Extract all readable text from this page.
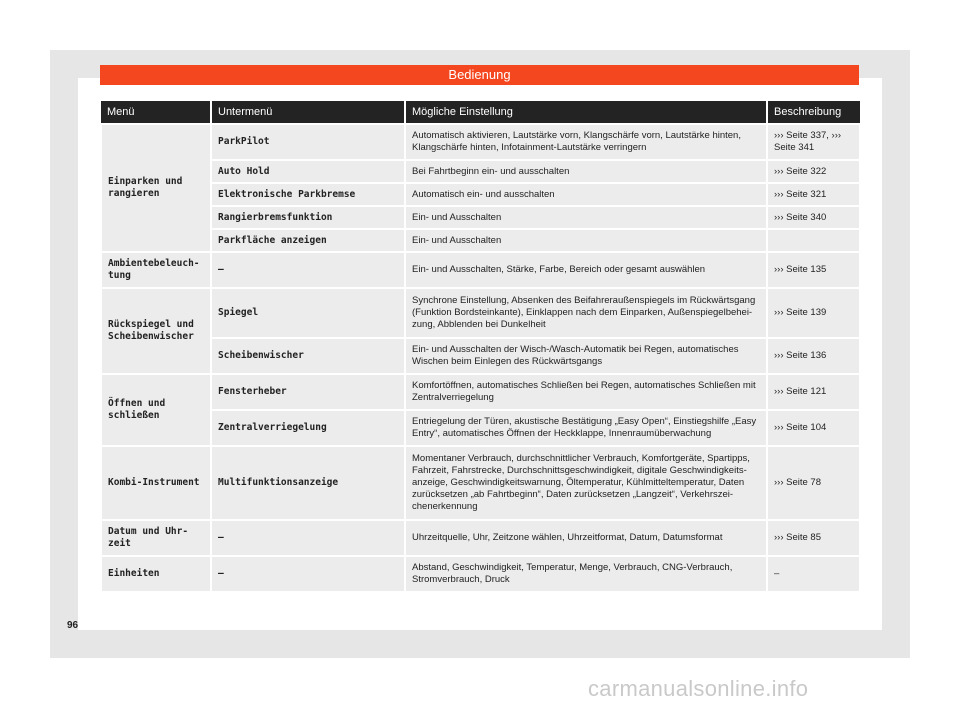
Bedienung
Menü	Untermenü	Mögliche Einstellung	Beschreibung
Einparken und rangieren	ParkPilot	Automatisch aktivieren, Lautstärke vorn, Klangschärfe vorn, Lautstärke hinten, Klangschärfe hinten, Infotainment-Lautstärke verringern	››› Seite 337, ››› Seite 341
	Auto Hold	Bei Fahrtbeginn ein- und ausschalten	››› Seite 322
	Elektronische Parkbremse	Automatisch ein- und ausschalten	››› Seite 321
	Rangierbremsfunktion	Ein- und Ausschalten	››› Seite 340
	Parkfläche anzeigen	Ein- und Ausschalten	
Ambientebeleuch-tung	–	Ein- und Ausschalten, Stärke, Farbe, Bereich oder gesamt auswählen	››› Seite 135
Rückspiegel und Scheibenwischer	Spiegel	Synchrone Einstellung, Absenken des Beifahreraußenspiegels im Rückwärtsgang (Funktion Bordsteinkante), Einklappen nach dem Einparken, Außenspiegelbehei-zung, Abblenden bei Dunkelheit	››› Seite 139
	Scheibenwischer	Ein- und Ausschalten der Wisch-/Wasch-Automatik bei Regen, automatisches Wischen beim Einlegen des Rückwärtsgangs	››› Seite 136
Öffnen und schließen	Fensterheber	Komfortöffnen, automatisches Schließen bei Regen, automatisches Schließen mit Zentralverriegelung	››› Seite 121
	Zentralverriegelung	Entriegelung der Türen, akustische Bestätigung „Easy Open“, Einstiegshilfe „Easy Entry“, automatisches Öffnen der Heckklappe, Innenraumüberwachung	››› Seite 104
Kombi-Instrument	Multifunktionsanzeige	Momentaner Verbrauch, durchschnittlicher Verbrauch, Komfortgeräte, Spartipps, Fahrzeit, Fahrstrecke, Durchschnittsgeschwindigkeit, digitale Geschwindigkeits-anzeige, Geschwindigkeitswarnung, Öltemperatur, Kühlmitteltemperatur, Daten zurücksetzen „ab Fahrtbeginn“, Daten zurücksetzen „Langzeit“, Verkehrszei-chenerkennung	››› Seite 78
Datum und Uhr-zeit	–	Uhrzeitquelle, Uhr, Zeitzone wählen, Uhrzeitformat, Datum, Datumsformat	››› Seite 85
Einheiten	–	Abstand, Geschwindigkeit, Temperatur, Menge, Verbrauch, CNG-Verbrauch, Stromverbrauch, Druck	–
96
carmanualsonline.info
